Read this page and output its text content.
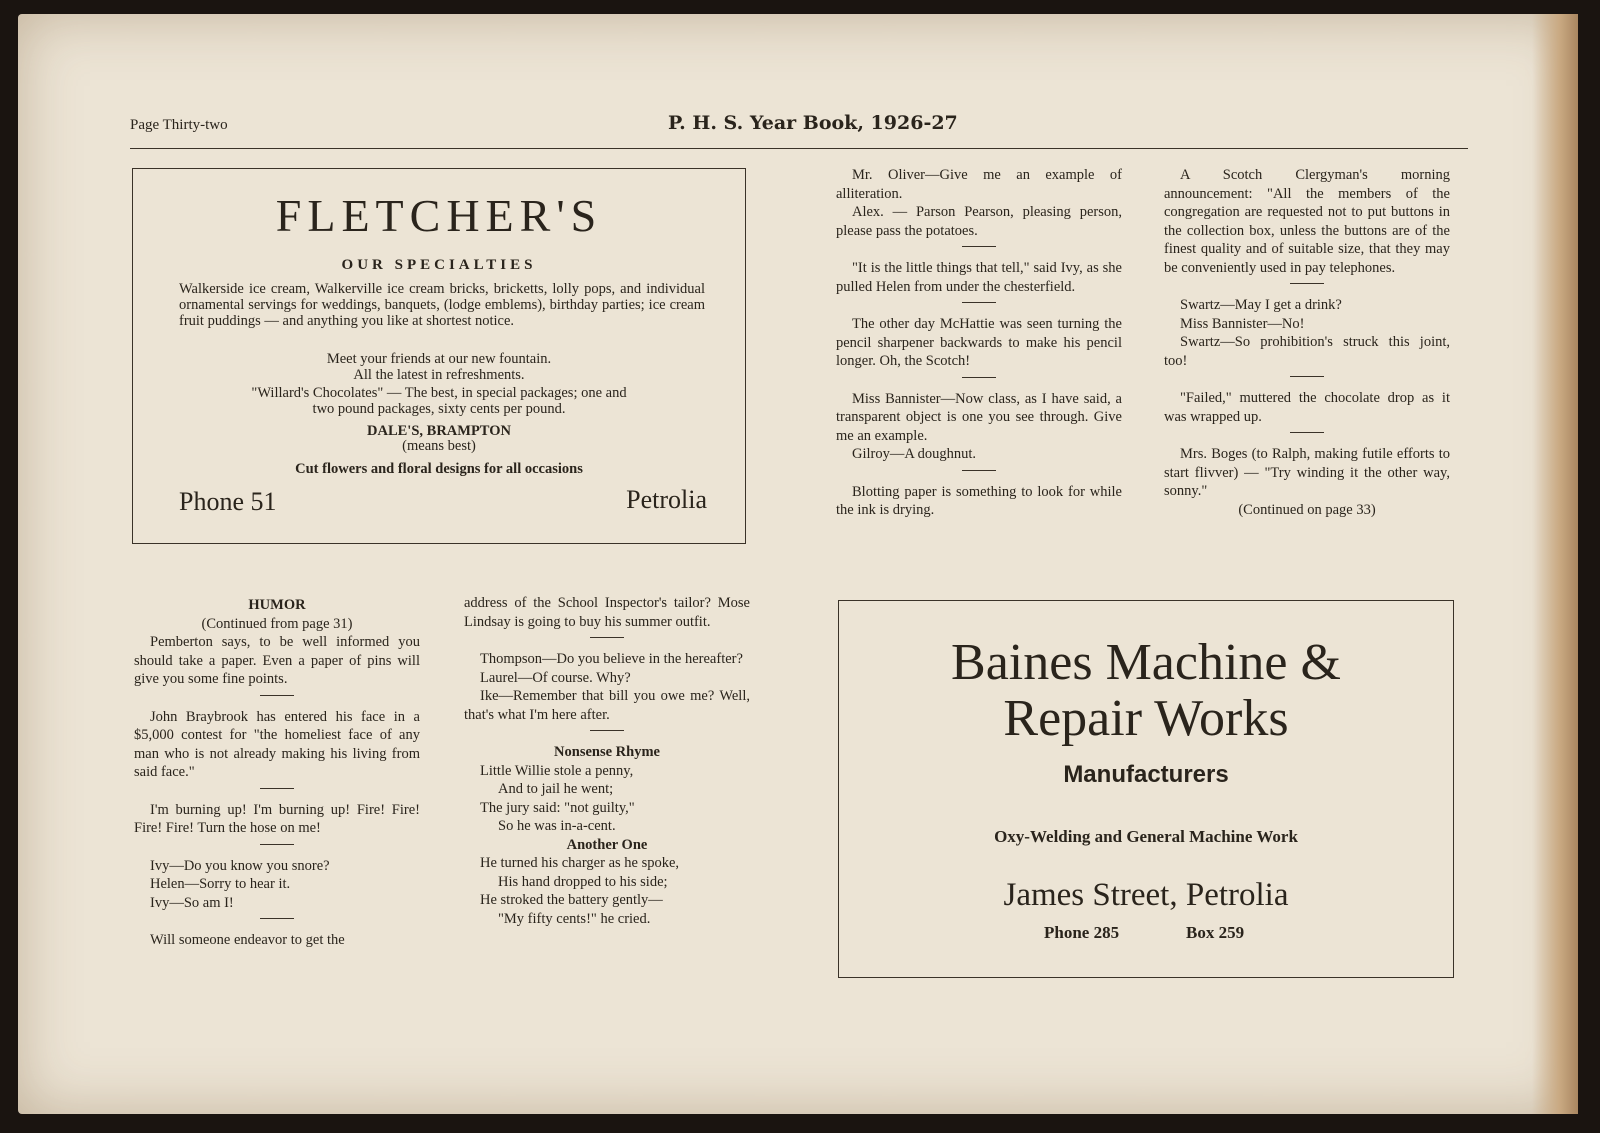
Page Thirty-two	P. H. S. Year Book, 1926-27
FLETCHER'S
OUR SPECIALTIES
Walkerside ice cream, Walkerville ice cream bricks, bricketts, lolly pops, and individual ornamental servings for weddings, banquets, (lodge emblems), birthday parties; ice cream fruit puddings — and anything you like at shortest notice.
Meet your friends at our new fountain.
All the latest in refreshments.
"Willard's Chocolates" — The best, in special packages; one and
two pound packages, sixty cents per pound.
DALE'S, BRAMPTON
(means best)
Cut flowers and floral designs for all occasions
Phone 51	Petrolia

HUMOR

(Continued from page 31)

Pemberton says, to be well informed you should take a paper. Even a paper of pins will give you some fine points.

John Braybrook has entered his face in a $5,000 contest for "the homeliest face of any man who is not already making his living from said face."

I'm burning up! I'm burning up! Fire! Fire! Fire! Fire! Turn the hose on me!

Ivy—Do you know you snore?

Helen—Sorry to hear it.

Ivy—So am I!

Will someone endeavor to get the

address of the School Inspector's tailor? Mose Lindsay is going to buy his summer outfit.

Thompson—Do you believe in the hereafter?

Laurel—Of course. Why?

Ike—Remember that bill you owe me? Well, that's what I'm here after.

Nonsense Rhyme

Little Willie stole a penny,

And to jail he went;

The jury said: "not guilty,"

So he was in-a-cent.

Another One

He turned his charger as he spoke,

His hand dropped to his side;

He stroked the battery gently—

"My fifty cents!" he cried.

Mr. Oliver—Give me an example of alliteration.

Alex. — Parson Pearson, pleasing person, please pass the potatoes.

"It is the little things that tell," said Ivy, as she pulled Helen from under the chesterfield.

The other day McHattie was seen turning the pencil sharpener backwards to make his pencil longer. Oh, the Scotch!

Miss Bannister—Now class, as I have said, a transparent object is one you see through. Give me an example.

Gilroy—A doughnut.

Blotting paper is something to look for while the ink is drying.

A Scotch Clergyman's morning announcement: "All the members of the congregation are requested not to put buttons in the collection box, unless the buttons are of the finest quality and of suitable size, that they may be conveniently used in pay telephones.

Swartz—May I get a drink?

Miss Bannister—No!

Swartz—So prohibition's struck this joint, too!

"Failed," muttered the chocolate drop as it was wrapped up.

Mrs. Boges (to Ralph, making futile efforts to start flivver) — "Try winding it the other way, sonny."

(Continued on page 33)

Baines Machine &
Repair Works
Manufacturers
Oxy-Welding and General Machine Work
James Street, Petrolia
Phone 285	Box 259
